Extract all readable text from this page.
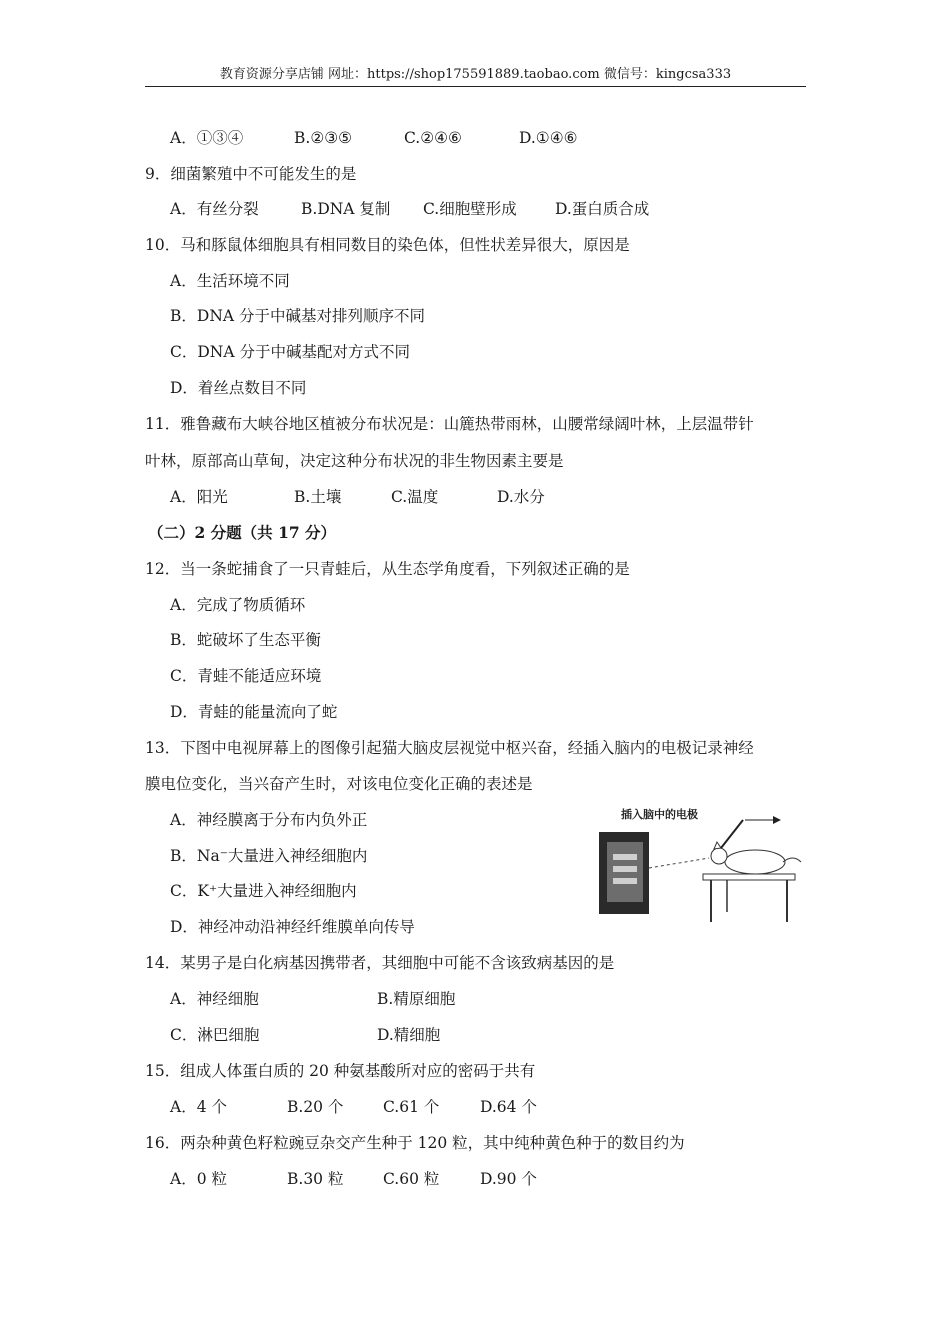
教育资源分享店铺 网址：https://shop175591889.taobao.com 微信号：kingcsa333
A．①③④	B.②③⑤	C.②④⑥	D.①④⑥
9．细菌繁殖中不可能发生的是
A．有丝分裂	B.DNA 复制 C.细胞壁形成 D.蛋白质合成
10．马和豚鼠体细胞具有相同数目的染色体，但性状差异很大，原因是
A．生活环境不同
B．DNA 分于中碱基对排列顺序不同
C．DNA 分于中碱基配对方式不同
D．着丝点数目不同
11．雅鲁藏布大峡谷地区植被分布状况是：山簏热带雨林，山腰常绿阔叶林，上层温带针
叶林，原部高山草甸，决定这种分布状况的非生物因素主要是
A．阳光	B.土壤	C.温度	D.水分
（二）2 分题（共 17 分）
12．当一条蛇捕食了一只青蛙后，从生态学角度看，下列叙述正确的是
A．完成了物质循环
B．蛇破坏了生态平衡
C．青蛙不能适应环境
D．青蛙的能量流向了蛇
13．下图中电视屏幕上的图像引起猫大脑皮层视觉中枢兴奋，经插入脑内的电极记录神经
膜电位变化，当兴奋产生时，对该电位变化正确的表述是
A．神经膜离于分布内负外正
B．Na⁻大量进入神经细胞内
C．K⁺大量进入神经细胞内
D．神经冲动沿神经纤维膜单向传导
插入脑中的电极
14．某男子是白化病基因携带者，其细胞中可能不含该致病基因的是
A．神经细胞	B.精原细胞
C．淋巴细胞	D.精细胞
15．组成人体蛋白质的 20 种氨基酸所对应的密码于共有
A．4 个	B.20 个	C.61 个	D.64 个
16．两杂种黄色籽粒豌豆杂交产生种于 120 粒，其中纯种黄色种于的数目约为
A．0 粒	B.30 粒	C.60 粒	D.90 个
